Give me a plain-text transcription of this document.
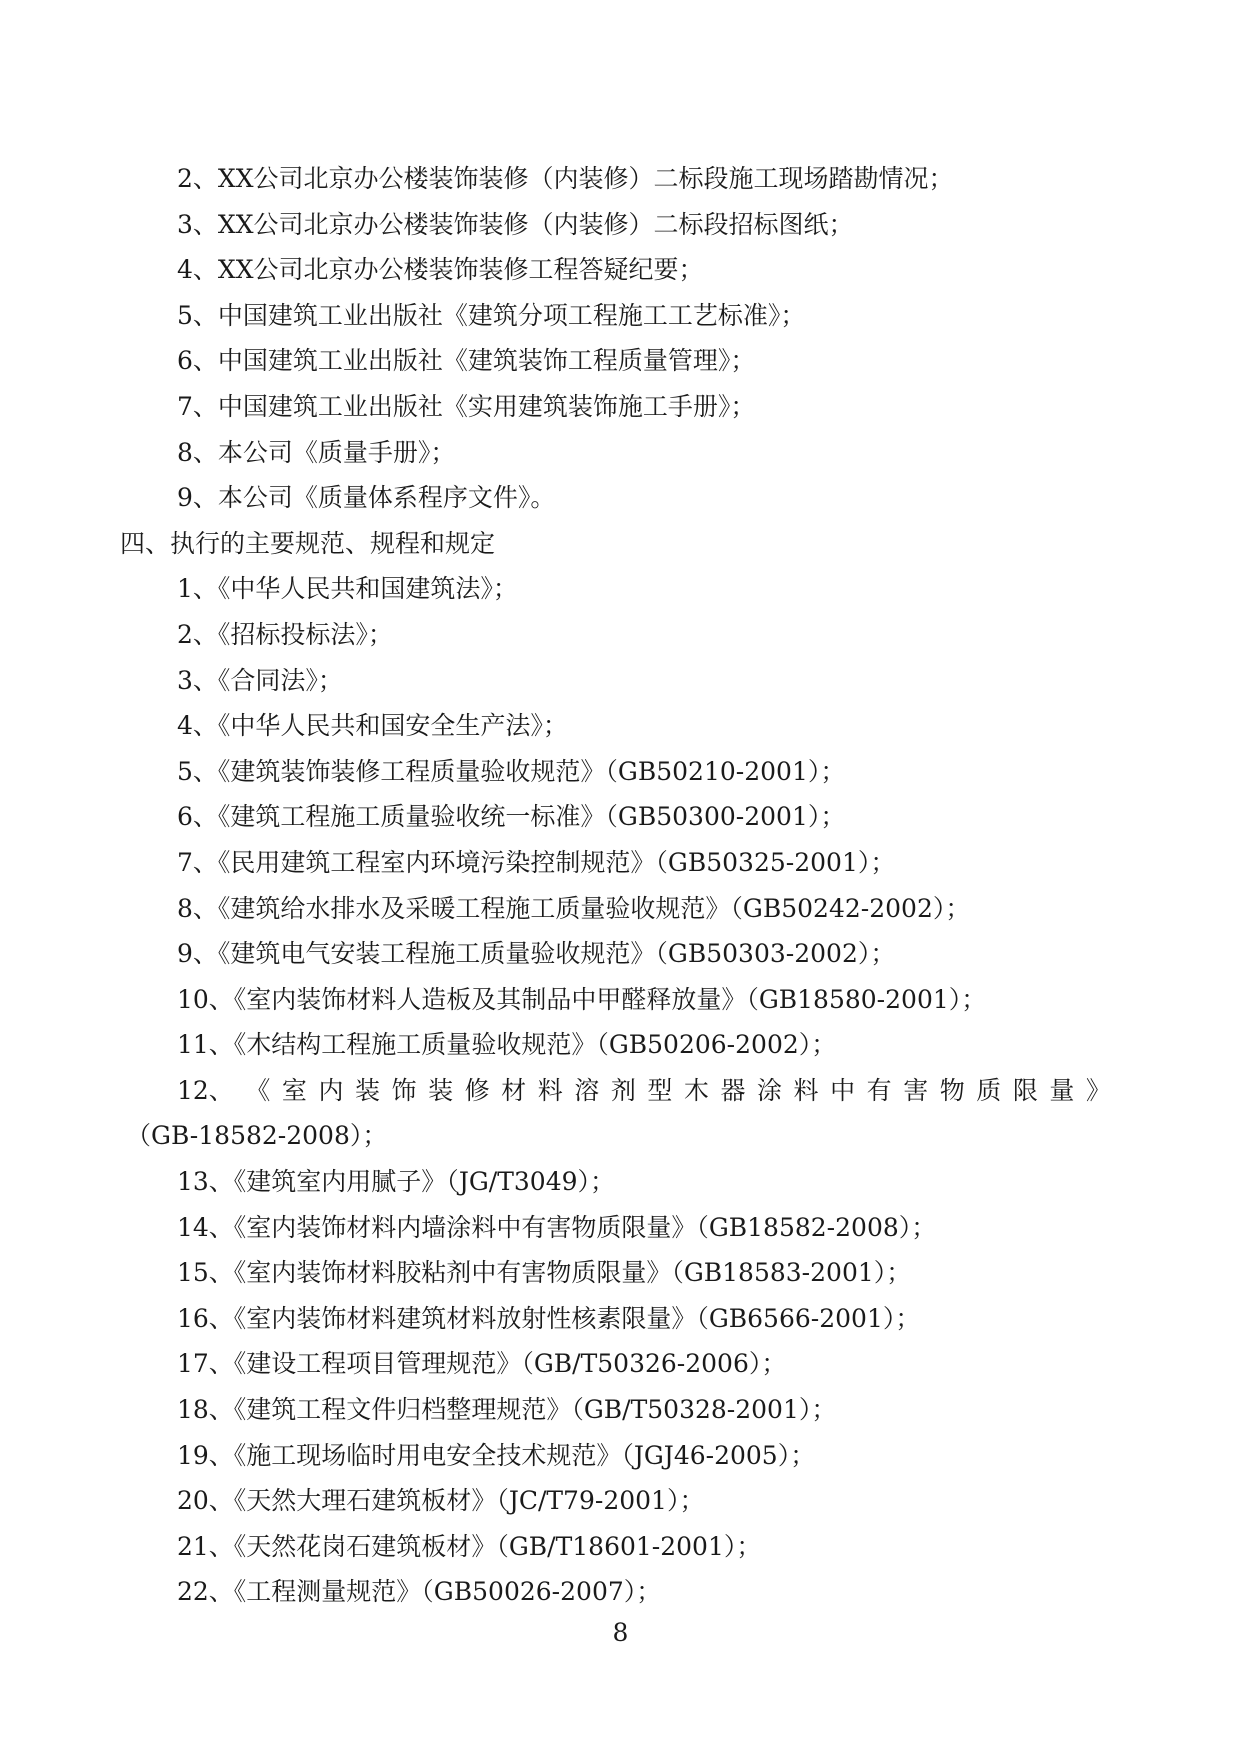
2、XX公司北京办公楼装饰装修（内装修）二标段施工现场踏勘情况；
3、XX公司北京办公楼装饰装修（内装修）二标段招标图纸；
4、XX公司北京办公楼装饰装修工程答疑纪要；
5、中国建筑工业出版社《建筑分项工程施工工艺标准》；
6、中国建筑工业出版社《建筑装饰工程质量管理》；
7、中国建筑工业出版社《实用建筑装饰施工手册》；
8、本公司《质量手册》；
9、本公司《质量体系程序文件》。
四、执行的主要规范、规程和规定
1、《中华人民共和国建筑法》；
2、《招标投标法》；
3、《合同法》；
4、《中华人民共和国安全生产法》；
5、《建筑装饰装修工程质量验收规范》（GB50210-2001）；
6、《建筑工程施工质量验收统一标准》（GB50300-2001）；
7、《民用建筑工程室内环境污染控制规范》（GB50325-2001）；
8、《建筑给水排水及采暖工程施工质量验收规范》（GB50242-2002）；
9、《建筑电气安装工程施工质量验收规范》（GB50303-2002）；
10、《室内装饰材料人造板及其制品中甲醛释放量》（GB18580-2001）；
11、《木结构工程施工质量验收规范》（GB50206-2002）；
12、 《 室 内 装 饰 装 修 材 料 溶 剂 型 木 器 涂 料 中 有 害 物 质 限 量 》
（GB-18582-2008）；
13、《建筑室内用腻子》（JG/T3049）；
14、《室内装饰材料内墙涂料中有害物质限量》（GB18582-2008）；
15、《室内装饰材料胶粘剂中有害物质限量》（GB18583-2001）；
16、《室内装饰材料建筑材料放射性核素限量》（GB6566-2001）；
17、《建设工程项目管理规范》（GB/T50326-2006）；
18、《建筑工程文件归档整理规范》（GB/T50328-2001）；
19、《施工现场临时用电安全技术规范》（JGJ46-2005）；
20、《天然大理石建筑板材》（JC/T79-2001）；
21、《天然花岗石建筑板材》（GB/T18601-2001）；
22、《工程测量规范》（GB50026-2007）；
8
